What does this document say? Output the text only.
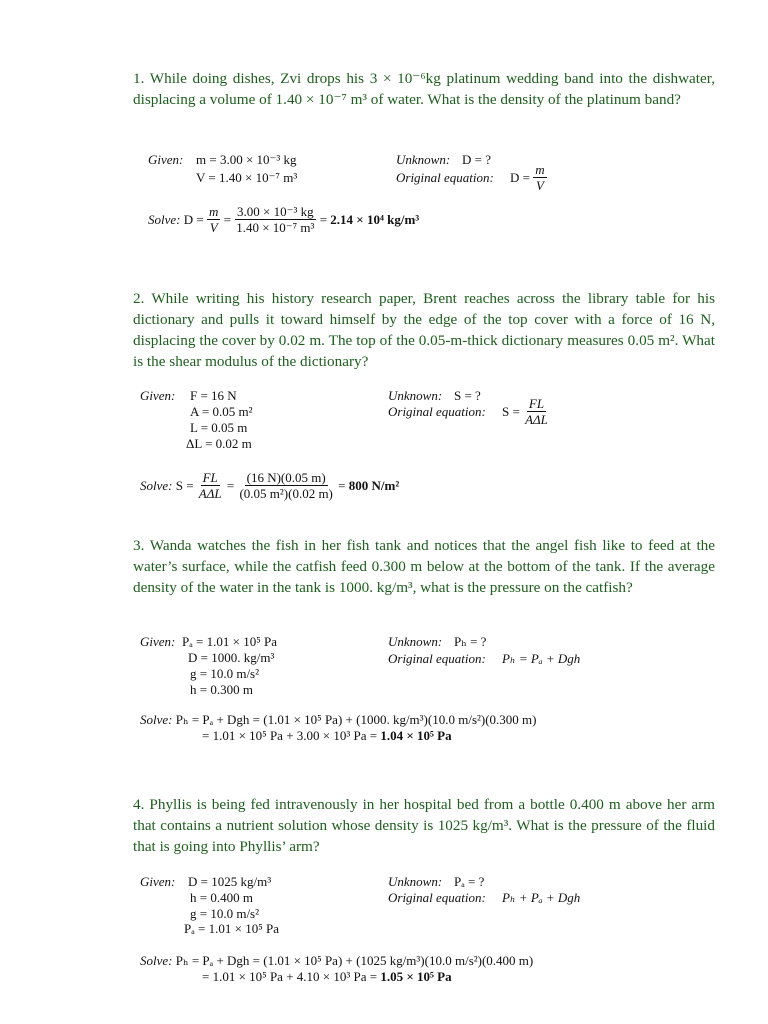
1. While doing dishes, Zvi drops his 3 × 10⁻⁶kg platinum wedding band into the dishwater, displacing a volume of 1.40 × 10⁻⁷ m³ of water. What is the density of the platinum band?
Given: m = 3.00 × 10⁻³ kg
V = 1.40 × 10⁻⁷ m³
Unknown: D = ?
Original equation: $D = \frac{m}{V}$
Solve: $D = \frac{m}{V} = \frac{\text{3.00 × 10⁻³ kg}}{\text{1.40 × 10⁻⁷ m³}} = 2.14 \times 10^4$ kg/m³
2. While writing his history research paper, Brent reaches across the library table for his dictionary and pulls it toward himself by the edge of the top cover with a force of 16 N, displacing the cover by 0.02 m. The top of the 0.05-m-thick dictionary measures 0.05 m². What is the shear modulus of the dictionary?
Given: F = 16 N
A = 0.05 m²
L = 0.05 m
ΔL = 0.02 m
Unknown: S = ?
Original equation: $S = \frac{FL}{\text{AΔL}}$
Solve: $S = \frac{FL}{\text{AΔL}} = \frac{(16 N)(0.05 m)}{\text{(0.05 m²)(0.02 m)}} = 800$ N/m²
3. Wanda watches the fish in her fish tank and notices that the angel fish like to feed at the water’s surface, while the catfish feed 0.300 m below at the bottom of the tank. If the average density of the water in the tank is 1000. kg/m³, what is the pressure on the catfish?
Given: Pₐ = 1.01 × 10⁵ Pa
D = 1000. kg/m³
g = 10.0 m/s²
h = 0.300 m
Unknown: Pₕ = ?
Original equation: Pₕ = Pₐ + Dgh
Solve: Pₕ = Pₐ + Dgh = (1.01 × 10⁵ Pa) + (1000. kg/m³)(10.0 m/s²)(0.300 m)
= 1.01 × 10⁵ Pa + 3.00 × 10³ Pa = 1.04 × 10⁵ Pa
4. Phyllis is being fed intravenously in her hospital bed from a bottle 0.400 m above her arm that contains a nutrient solution whose density is 1025 kg/m³. What is the pressure of the fluid that is going into Phyllis’ arm?
Given: D = 1025 kg/m³
h = 0.400 m
g = 10.0 m/s²
Pₐ = 1.01 × 10⁵ Pa
Unknown: Pₐ = ?
Original equation: Pₕ + Pₐ + Dgh
Solve: Pₕ = Pₐ + Dgh = (1.01 × 10⁵ Pa) + (1025 kg/m³)(10.0 m/s²)(0.400 m)
= 1.01 × 10⁵ Pa + 4.10 × 10³ Pa = 1.05 × 10⁵ Pa
